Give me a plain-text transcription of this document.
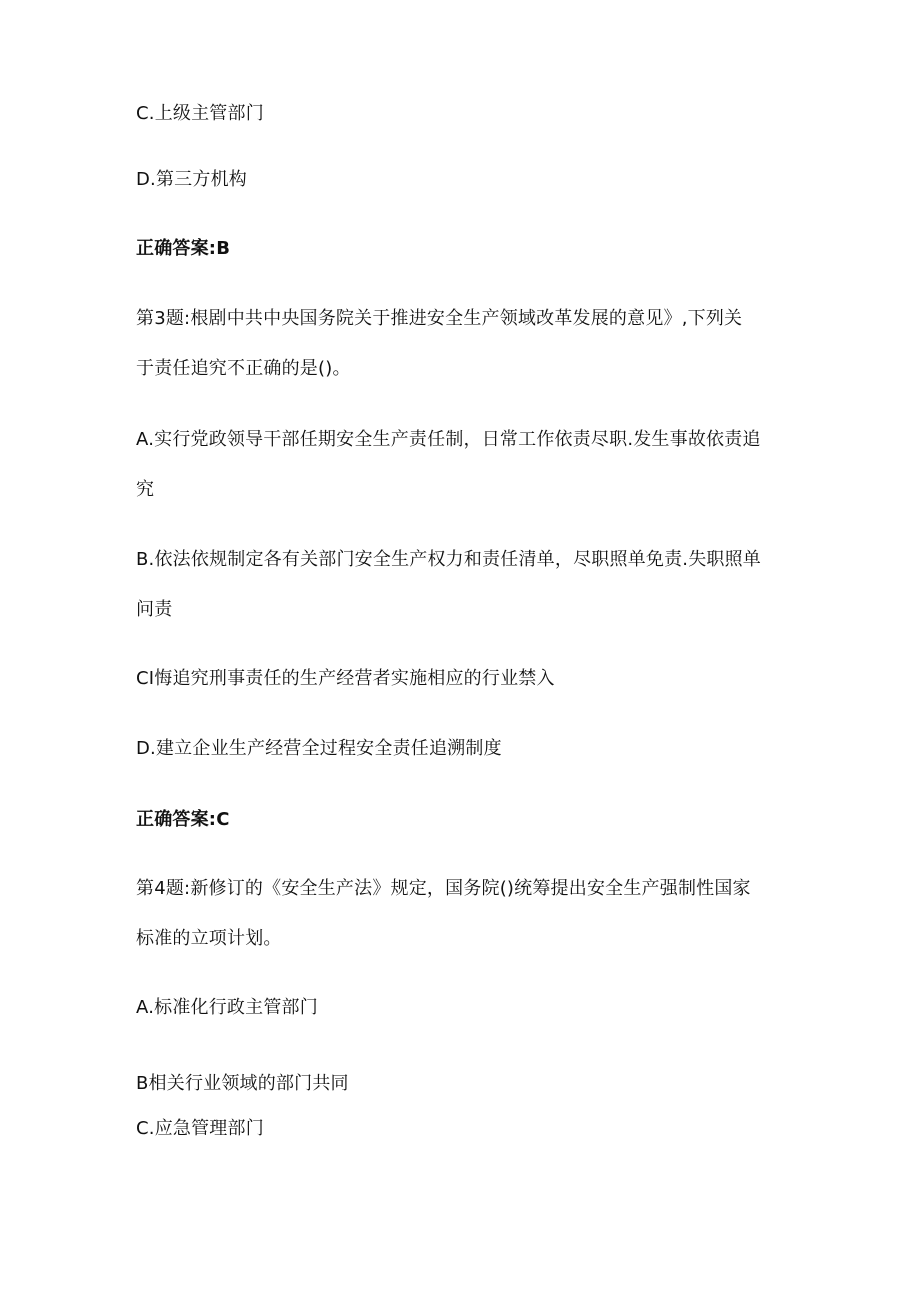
C.上级主管部门
D.第三方机构
正确答案:B
第3题:根剧中共中央国务院关于推进安全生产领域改革发展的意见》,下列关
于责任追究不正确的是()。
A.实行党政领导干部任期安全生产责任制，日常工作依责尽职.发生事故依责追
究
B.依法依规制定各有关部门安全生产权力和责任清单，尽职照单免责.失职照单
问责
CI悔追究刑事责任的生产经营者实施相应的行业禁入
D.建立企业生产经营全过程安全责任追溯制度
正确答案:C
第4题:新修订的《安全生产法》规定，国务院()统筹提出安全生产强制性国家
标准的立项计划。
A.标准化行政主管部门
B相关行业领域的部门共同
C.应急管理部门
